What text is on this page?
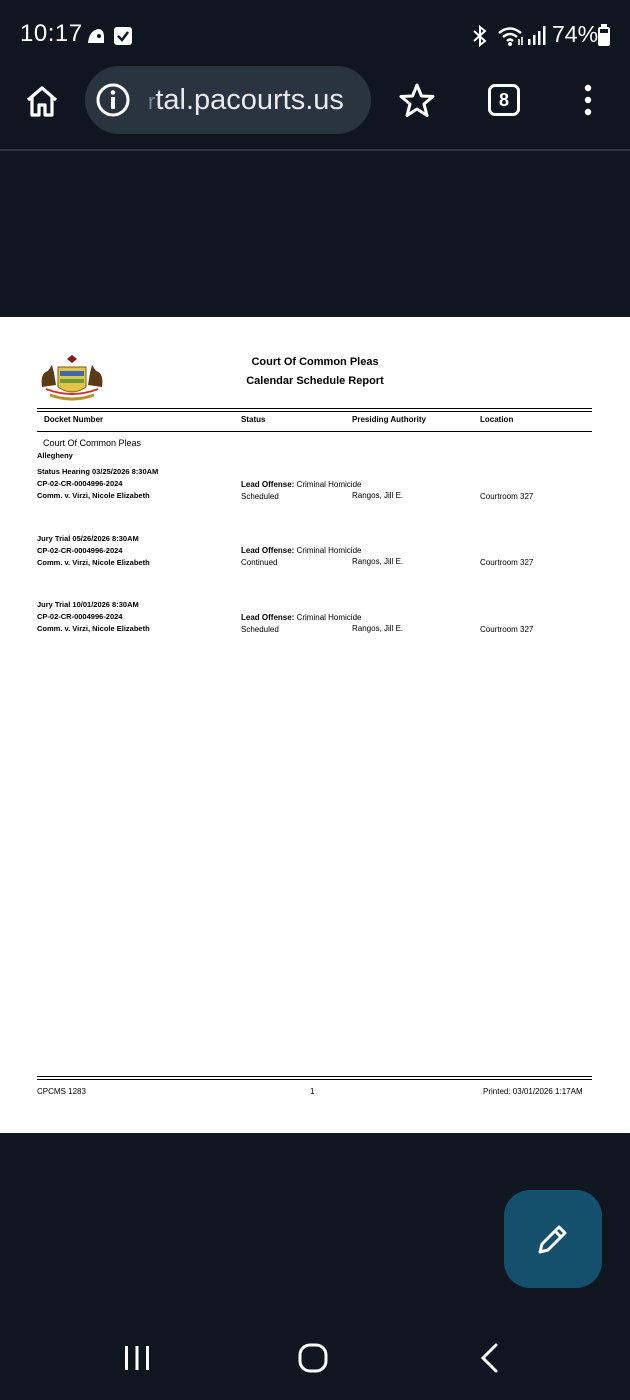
10:17	74%
rtal.pacourts.us	8
Court Of Common Pleas
Calendar Schedule Report
Docket Number	Status	Presiding Authority	Location
Court Of Common Pleas
Allegheny
Status Hearing 03/25/2026 8:30AM
CP-02-CR-0004996-2024
Comm. v. Virzi, Nicole Elizabeth
Lead Offense: Criminal Homicide
Scheduled	Rangos, Jill E.	Courtroom 327
Jury Trial 05/26/2026 8:30AM
CP-02-CR-0004996-2024
Comm. v. Virzi, Nicole Elizabeth
Lead Offense: Criminal Homicide
Continued	Rangos, Jill E.	Courtroom 327
Jury Trial 10/01/2026 8:30AM
CP-02-CR-0004996-2024
Comm. v. Virzi, Nicole Elizabeth
Lead Offense: Criminal Homicide
Scheduled	Rangos, Jill E.	Courtroom 327
CPCMS 1283	1	Printed: 03/01/2026 1:17AM
